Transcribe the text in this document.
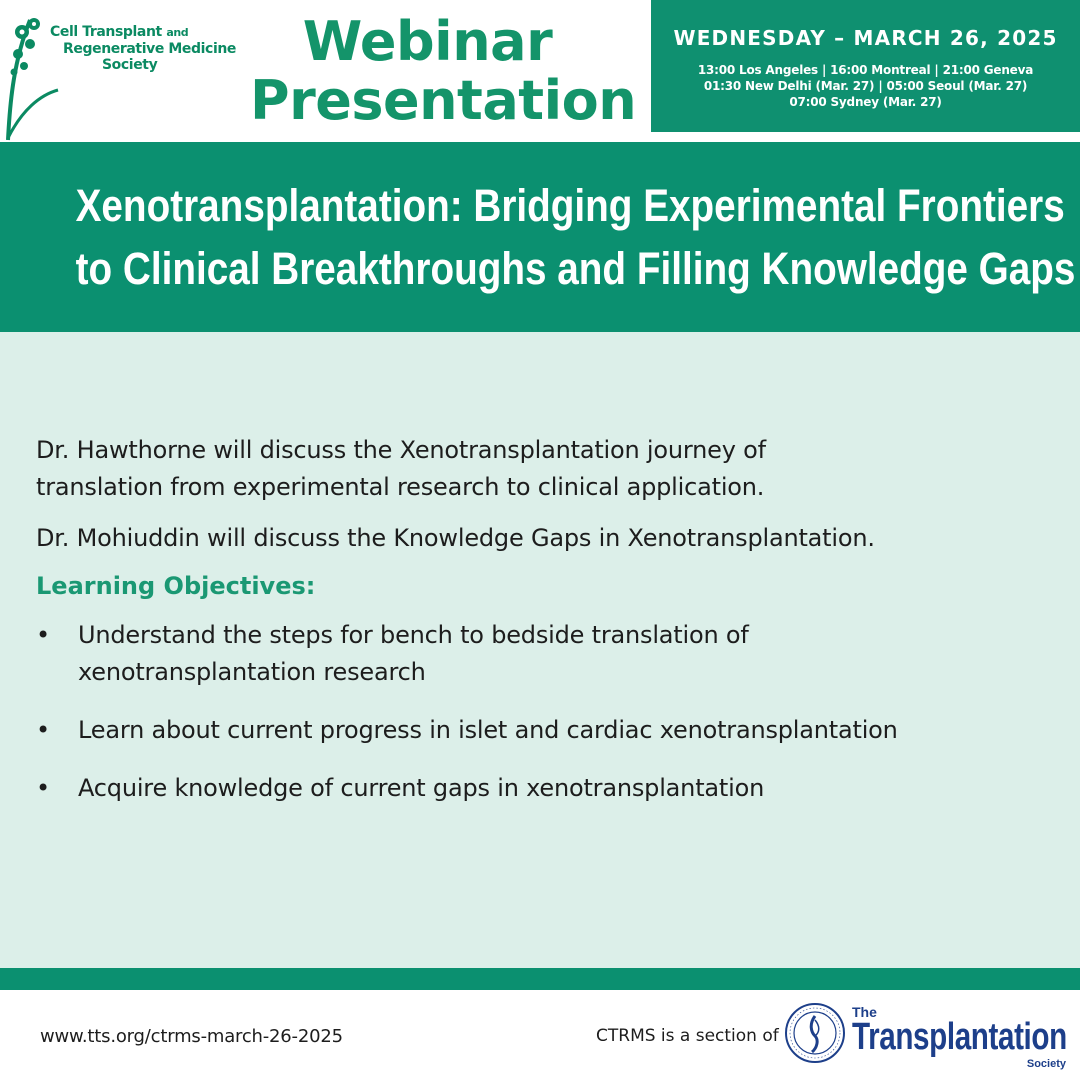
Cell Transplant and
Regenerative Medicine
Society	Webinar
Presentation
WEDNESDAY – MARCH 26, 2025
13:00 Los Angeles | 16:00 Montreal | 21:00 Geneva
01:30 New Delhi (Mar. 27) | 05:00 Seoul (Mar. 27)
07:00 Sydney (Mar. 27)
Xenotransplantation: Bridging Experimental Frontiers
to Clinical Breakthroughs and Filling Knowledge Gaps

Dr. Hawthorne will discuss the Xenotransplantation journey of
translation from experimental research to clinical application.

Dr. Mohiuddin will discuss the Knowledge Gaps in Xenotransplantation.

Learning Objectives:
• Understand the steps for bench to bedside translation of
xenotransplantation research
• Learn about current progress in islet and cardiac xenotransplantation
• Acquire knowledge of current gaps in xenotransplantation
www.tts.org/ctrms-march-26-2025	CTRMS is a section of
The
Transplantation
Society
